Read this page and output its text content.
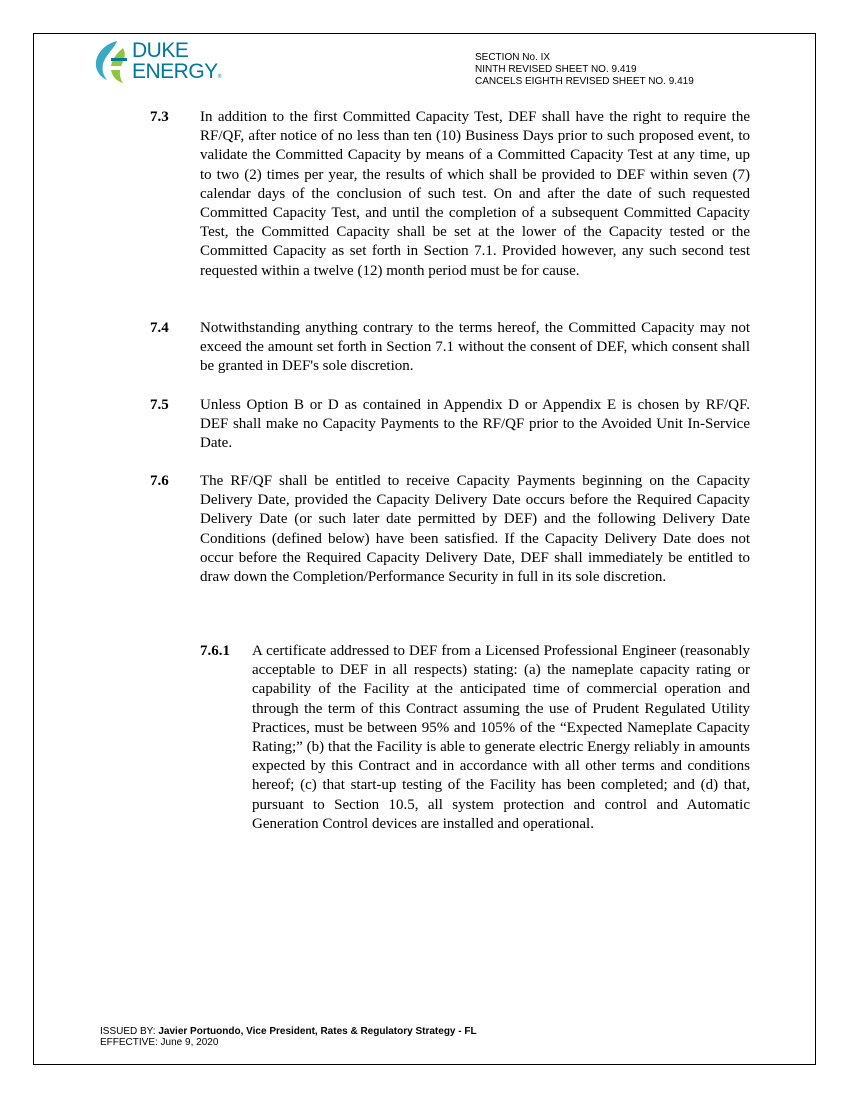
DUKE
ENERGY®
SECTION No. IX
NINTH REVISED SHEET NO. 9.419
CANCELS EIGHTH REVISED SHEET NO. 9.419
7.3 In addition to the first Committed Capacity Test, DEF shall have the right to require the RF/QF, after notice of no less than ten (10) Business Days prior to such proposed event, to validate the Committed Capacity by means of a Committed Capacity Test at any time, up to two (2) times per year, the results of which shall be provided to DEF within seven (7) calendar days of the conclusion of such test. On and after the date of such requested Committed Capacity Test, and until the completion of a subsequent Committed Capacity Test, the Committed Capacity shall be set at the lower of the Capacity tested or the Committed Capacity as set forth in Section 7.1. Provided however, any such second test requested within a twelve (12) month period must be for cause.
7.4 Notwithstanding anything contrary to the terms hereof, the Committed Capacity may not exceed the amount set forth in Section 7.1 without the consent of DEF, which consent shall be granted in DEF's sole discretion.
7.5 Unless Option B or D as contained in Appendix D or Appendix E is chosen by RF/QF. DEF shall make no Capacity Payments to the RF/QF prior to the Avoided Unit In-Service Date.
7.6 The RF/QF shall be entitled to receive Capacity Payments beginning on the Capacity Delivery Date, provided the Capacity Delivery Date occurs before the Required Capacity Delivery Date (or such later date permitted by DEF) and the following Delivery Date Conditions (defined below) have been satisfied. If the Capacity Delivery Date does not occur before the Required Capacity Delivery Date, DEF shall immediately be entitled to draw down the Completion/Performance Security in full in its sole discretion.
7.6.1 A certificate addressed to DEF from a Licensed Professional Engineer (reasonably acceptable to DEF in all respects) stating: (a) the nameplate capacity rating or capability of the Facility at the anticipated time of commercial operation and through the term of this Contract assuming the use of Prudent Regulated Utility Practices, must be between 95% and 105% of the “Expected Nameplate Capacity Rating;” (b) that the Facility is able to generate electric Energy reliably in amounts expected by this Contract and in accordance with all other terms and conditions hereof; (c) that start-up testing of the Facility has been completed; and (d) that, pursuant to Section 10.5, all system protection and control and Automatic Generation Control devices are installed and operational.
ISSUED BY: Javier Portuondo, Vice President, Rates & Regulatory Strategy - FL
EFFECTIVE: June 9, 2020
